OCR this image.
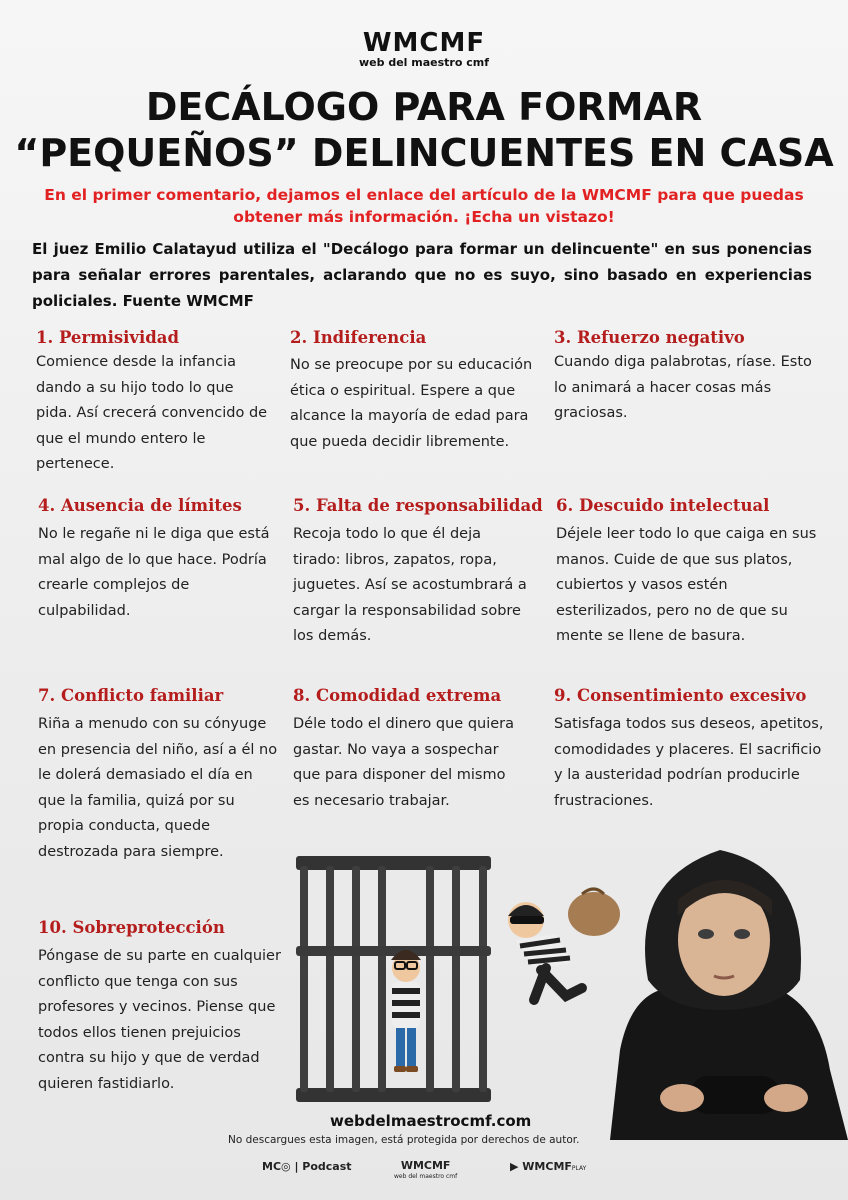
WMCMF
web del maestro cmf
DECÁLOGO PARA FORMAR
“PEQUEÑOS” DELINCUENTES EN CASA
En el primer comentario, dejamos el enlace del artículo de la WMCMF para que puedas obtener más información. ¡Echa un vistazo!
El juez Emilio Calatayud utiliza el "Decálogo para formar un delincuente" en sus ponencias para señalar errores parentales, aclarando que no es suyo, sino basado en experiencias policiales. Fuente WMCMF
1. Permisividad

Comience desde la infancia dando a su hijo todo lo que pida. Así crecerá convencido de que el mundo entero le pertenece.

2. Indiferencia

No se preocupe por su educación ética o espiritual. Espere a que alcance la mayoría de edad para que pueda decidir libremente.

3. Refuerzo negativo

Cuando diga palabrotas, ríase. Esto lo animará a hacer cosas más graciosas.

4. Ausencia de límites

No le regañe ni le diga que está mal algo de lo que hace. Podría crearle complejos de culpabilidad.

5. Falta de responsabilidad

Recoja todo lo que él deja tirado: libros, zapatos, ropa, juguetes. Así se acostumbrará a cargar la responsabilidad sobre los demás.

6. Descuido intelectual

Déjele leer todo lo que caiga en sus manos. Cuide de que sus platos, cubiertos y vasos estén esterilizados, pero no de que su mente se llene de basura.

7. Conflicto familiar

Riña a menudo con su cónyuge en presencia del niño, así a él no le dolerá demasiado el día en que la familia, quizá por su propia conducta, quede destrozada para siempre.

8. Comodidad extrema

Déle todo el dinero que quiera gastar. No vaya a sospechar que para disponer del mismo es necesario trabajar.

9. Consentimiento excesivo

Satisfaga todos sus deseos, apetitos, comodidades y placeres. El sacrificio y la austeridad podrían producirle frustraciones.

10. Sobreprotección

Póngase de su parte en cualquier conflicto que tenga con sus profesores y vecinos. Piense que todos ellos tienen prejuicios contra su hijo y que de verdad quieren fastidiarlo.

webdelmaestrocmf.com
No descargues esta imagen, está protegida por derechos de autor.
MC◎ | Podcast	WMCMF
web del maestro cmf
▶ WMCMFPLAY
